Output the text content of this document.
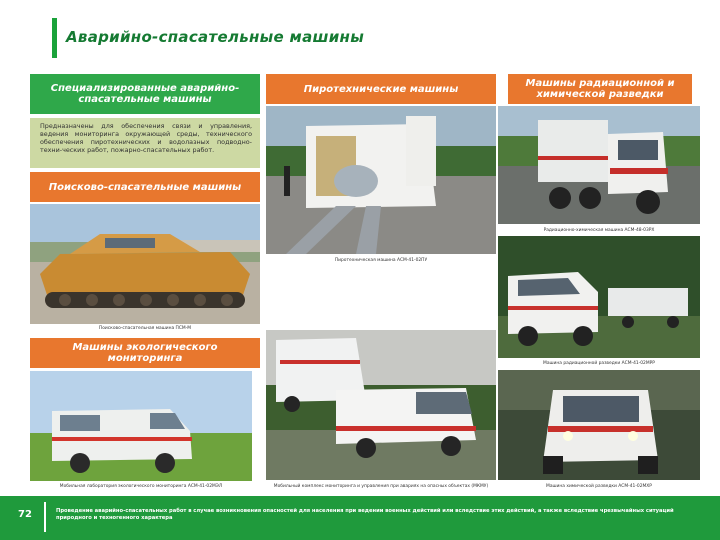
Аварийно-спасательные машины
Специализированные аварийно-спасательные машины
Предназначены для обеспечения связи и управления, ведения мониторинга окружающей среды, технического обеспечения пиротехнических и водолазных подводно-техни-ческих работ, пожарно-спасательных работ.
Поисково-спасательные машины
Поисково-спасательная машина ПСМ-М
Машины экологического мониторинга
Мобильная лаборатория экологического мониторинга АСМ-41-02МЭЛ
Пиротехнические машины
Пиротехническая машина АСМ-41-02ПУ
Мобильный комплекс мониторинга и управления при авариях на опасных объектах (МКМУ)
Машины радиационной и химической разведки
Радиационно-химическая машина АСМ-48-03РХ
Машина радиационной разведки АСМ-41-02МРР
Машина химической разведки АСМ-41-02МХР
72	Проведение аварийно-спасательных работ в случае возникновения опасностей для населения при ведении военных действий или вследствие этих действий, а также вследствие чрезвычайных ситуаций природного и техногенного характера
